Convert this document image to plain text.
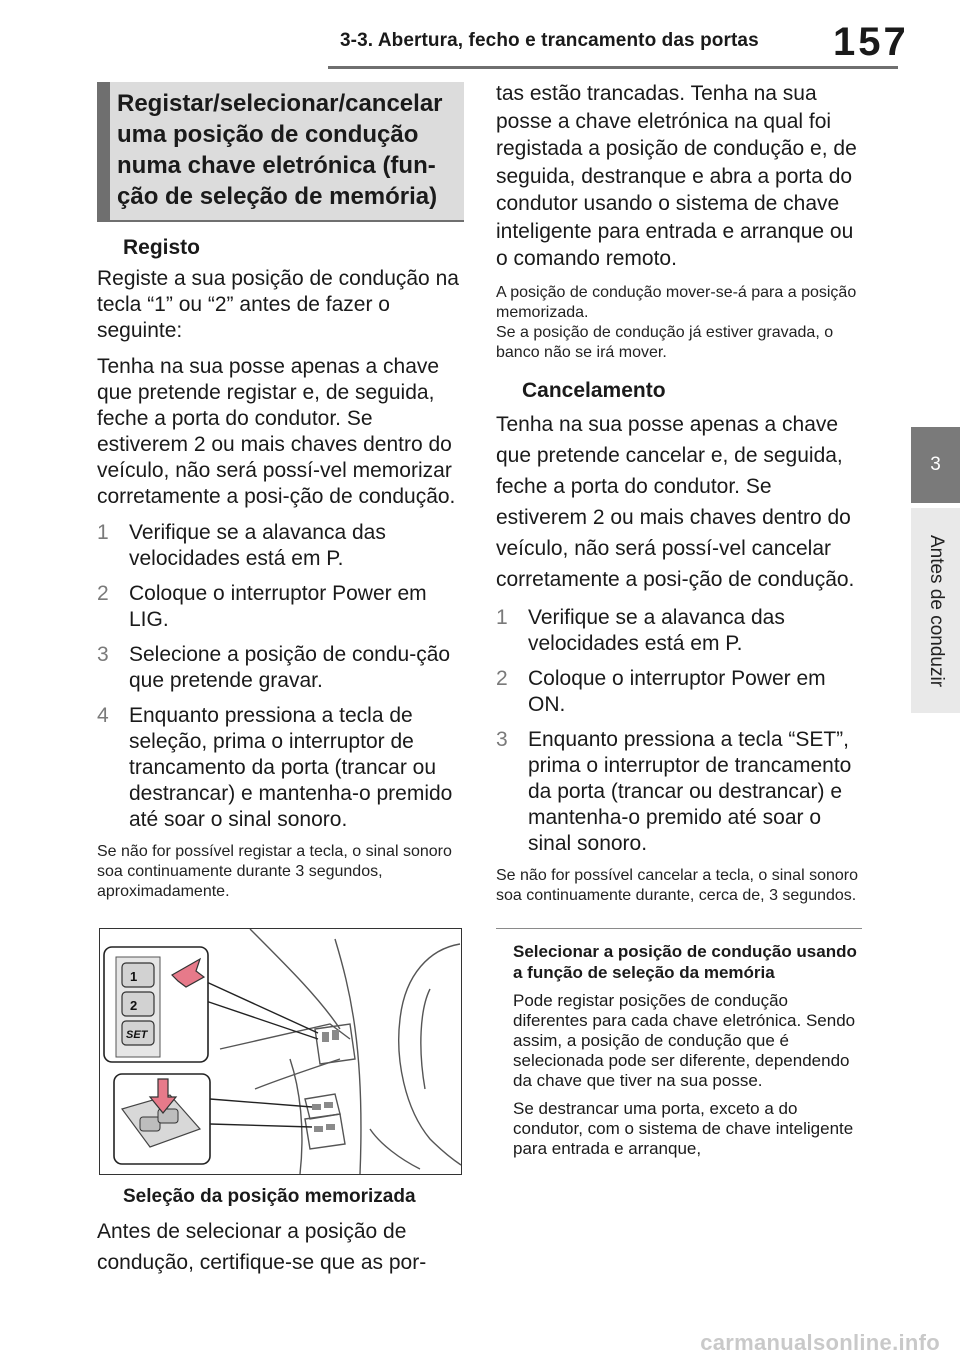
3-3. Abertura, fecho e trancamento das portas 157
3
Antes de conduzir
Registar/selecionar/cancelar uma posição de condução numa chave eletrónica (fun-ção de seleção de memória)
Registo

Registe a sua posição de condução na tecla “1” ou “2” antes de fazer o seguinte:

Tenha na sua posse apenas a chave que pretende registar e, de seguida, feche a porta do condutor. Se estiverem 2 ou mais chaves dentro do veículo, não será possí-vel memorizar corretamente a posi-ção de condução.

1 Verifique se a alavanca das velocidades está em P.
2 Coloque o interruptor Power em LIG.
3 Selecione a posição de condu-ção que pretende gravar.
4 Enquanto pressiona a tecla de seleção, prima o interruptor de trancamento da porta (trancar ou destrancar) e mantenha-o premido até soar o sinal sonoro.

Se não for possível registar a tecla, o sinal sonoro soa continuamente durante 3 segundos, aproximadamente.

1
2
SET
Seleção da posição memorizada

Antes de selecionar a posição de condução, certifique-se que as por-

tas estão trancadas. Tenha na sua posse a chave eletrónica na qual foi registada a posição de condução e, de seguida, destranque e abra a porta do condutor usando o sistema de chave inteligente para entrada e arranque ou o comando remoto.

A posição de condução mover-se-á para a posição memorizada.

Se a posição de condução já estiver gravada, o banco não se irá mover.

Cancelamento

Tenha na sua posse apenas a chave que pretende cancelar e, de seguida, feche a porta do condutor. Se estiverem 2 ou mais chaves dentro do veículo, não será possí-vel cancelar corretamente a posi-ção de condução.

1 Verifique se a alavanca das velocidades está em P.
2 Coloque o interruptor Power em ON.
3 Enquanto pressiona a tecla “SET”, prima o interruptor de trancamento da porta (trancar ou destrancar) e mantenha-o premido até soar o sinal sonoro.

Se não for possível cancelar a tecla, o sinal sonoro soa continuamente durante, cerca de, 3 segundos.

Selecionar a posição de condução usando a função de seleção da memória

Pode registar posições de condução diferentes para cada chave eletrónica. Sendo assim, a posição de condução que é selecionada pode ser diferente, dependendo da chave que tiver na sua posse.

Se destrancar uma porta, exceto a do condutor, com o sistema de chave inteligente para entrada e arranque,

carmanualsonline.info
